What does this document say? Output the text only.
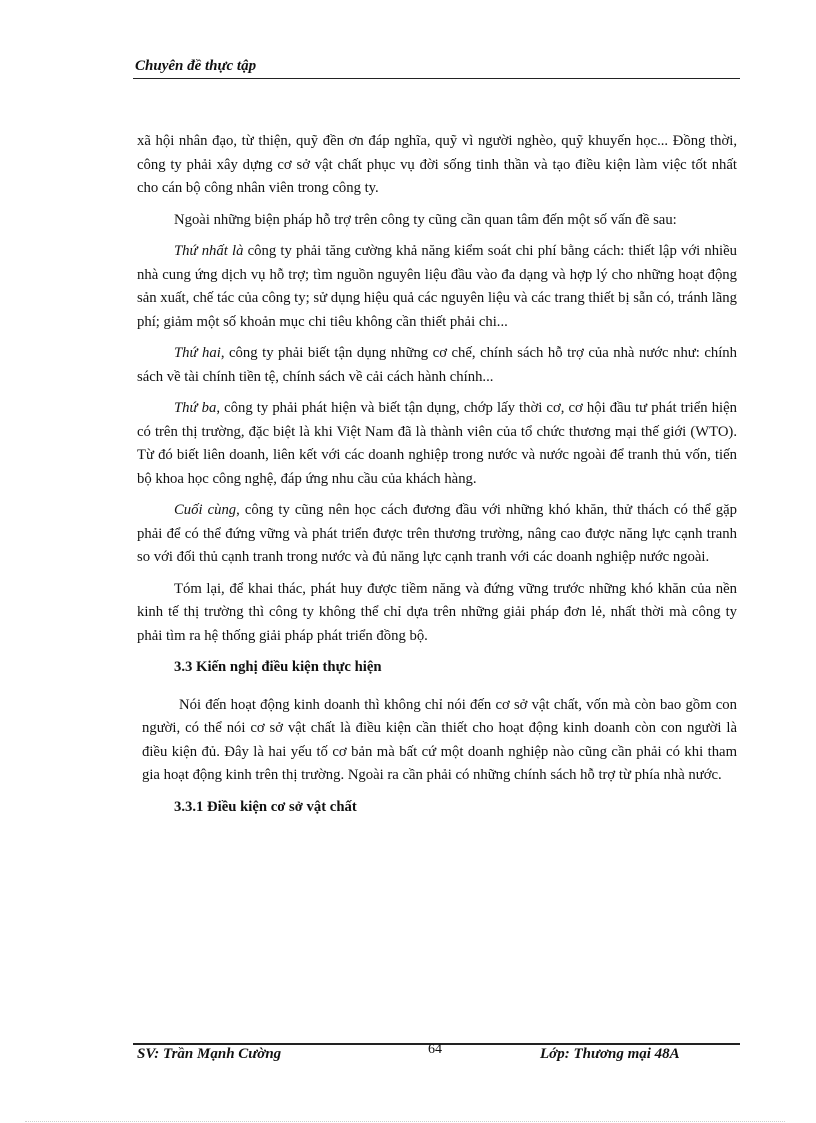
Chuyên đề thực tập

xã hội nhân đạo, từ thiện, quỹ đền ơn đáp nghĩa, quỹ vì người nghèo, quỹ khuyến học... Đồng thời, công ty phải xây dựng cơ sở vật chất phục vụ đời sống tinh thần và tạo điều kiện làm việc tốt nhất cho cán bộ công nhân viên trong công ty.

Ngoài những biện pháp hỗ trợ trên công ty cũng cần quan tâm đến một số vấn đề sau:

Thứ nhất là công ty phải tăng cường khả năng kiểm soát chi phí bằng cách: thiết lập với nhiều nhà cung ứng dịch vụ hỗ trợ; tìm nguồn nguyên liệu đầu vào đa dạng và hợp lý cho những hoạt động sản xuất, chế tác của công ty; sử dụng hiệu quả các nguyên liệu và các trang thiết bị sẵn có, tránh lãng phí; giảm một số khoản mục chi tiêu không cần thiết phải chi...

Thứ hai, công ty phải biết tận dụng những cơ chế, chính sách hỗ trợ của nhà nước như: chính sách về tài chính tiền tệ, chính sách về cải cách hành chính...

Thứ ba, công ty phải phát hiện và biết tận dụng, chớp lấy thời cơ, cơ hội đầu tư phát triển hiện có trên thị trường, đặc biệt là khi Việt Nam đã là thành viên của tổ chức thương mại thế giới (WTO). Từ đó biết liên doanh, liên kết với các doanh nghiệp trong nước và nước ngoài để tranh thủ vốn, tiến bộ khoa học công nghệ, đáp ứng nhu cầu của khách hàng.

Cuối cùng, công ty cũng nên học cách đương đầu với những khó khăn, thử thách có thể gặp phải để có thể đứng vững và phát triển được trên thương trường, nâng cao được năng lực cạnh tranh so với đối thủ cạnh tranh trong nước và đủ năng lực cạnh tranh với các doanh nghiệp nước ngoài.

Tóm lại, để khai thác, phát huy được tiềm năng và đứng vững trước những khó khăn của nền kinh tế thị trường thì công ty không thể chỉ dựa trên những giải pháp đơn lẻ, nhất thời mà công ty phải tìm ra hệ thống giải pháp phát triển đồng bộ.

3.3 Kiến nghị điều kiện thực hiện

Nói đến hoạt động kinh doanh thì không chỉ nói đến cơ sở vật chất, vốn mà còn bao gồm con người, có thể nói cơ sở vật chất là điều kiện cần thiết cho hoạt động kinh doanh còn con người là điều kiện đủ. Đây là hai yếu tố cơ bản mà bất cứ một doanh nghiệp nào cũng cần phải có khi tham gia hoạt động kinh trên thị trường. Ngoài ra cần phải có những chính sách hỗ trợ từ phía nhà nước.

3.3.1 Điều kiện cơ sở vật chất
SV: Trần Mạnh Cường	64	Lớp: Thương mại 48A
